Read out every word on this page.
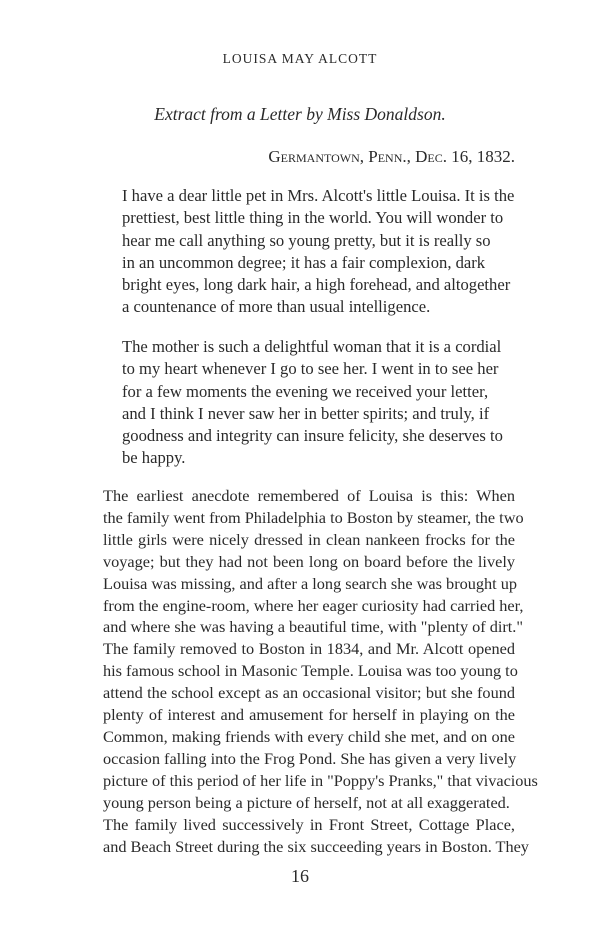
LOUISA MAY ALCOTT
Extract from a Letter by Miss Donaldson.
Germantown, Penn., Dec. 16, 1832.

I have a dear little pet in Mrs. Alcott's little Louisa. It is the
prettiest, best little thing in the world. You will wonder to
hear me call anything so young pretty, but it is really so
in an uncommon degree; it has a fair complexion, dark
bright eyes, long dark hair, a high forehead, and altogether
a countenance of more than usual intelligence.

The mother is such a delightful woman that it is a cordial
to my heart whenever I go to see her. I went in to see her
for a few moments the evening we received your letter,
and I think I never saw her in better spirits; and truly, if
goodness and integrity can insure felicity, she deserves to
be happy.

The earliest anecdote remembered of Louisa is this: When
the family went from Philadelphia to Boston by steamer, the two
little girls were nicely dressed in clean nankeen frocks for the
voyage; but they had not been long on board before the lively
Louisa was missing, and after a long search she was brought up
from the engine-room, where her eager curiosity had carried her,
and where she was having a beautiful time, with "plenty of dirt."

The family removed to Boston in 1834, and Mr. Alcott opened
his famous school in Masonic Temple. Louisa was too young to
attend the school except as an occasional visitor; but she found
plenty of interest and amusement for herself in playing on the
Common, making friends with every child she met, and on one
occasion falling into the Frog Pond. She has given a very lively
picture of this period of her life in "Poppy's Pranks," that vivacious
young person being a picture of herself, not at all exaggerated.

The family lived successively in Front Street, Cottage Place,
and Beach Street during the six succeeding years in Boston. They

16
